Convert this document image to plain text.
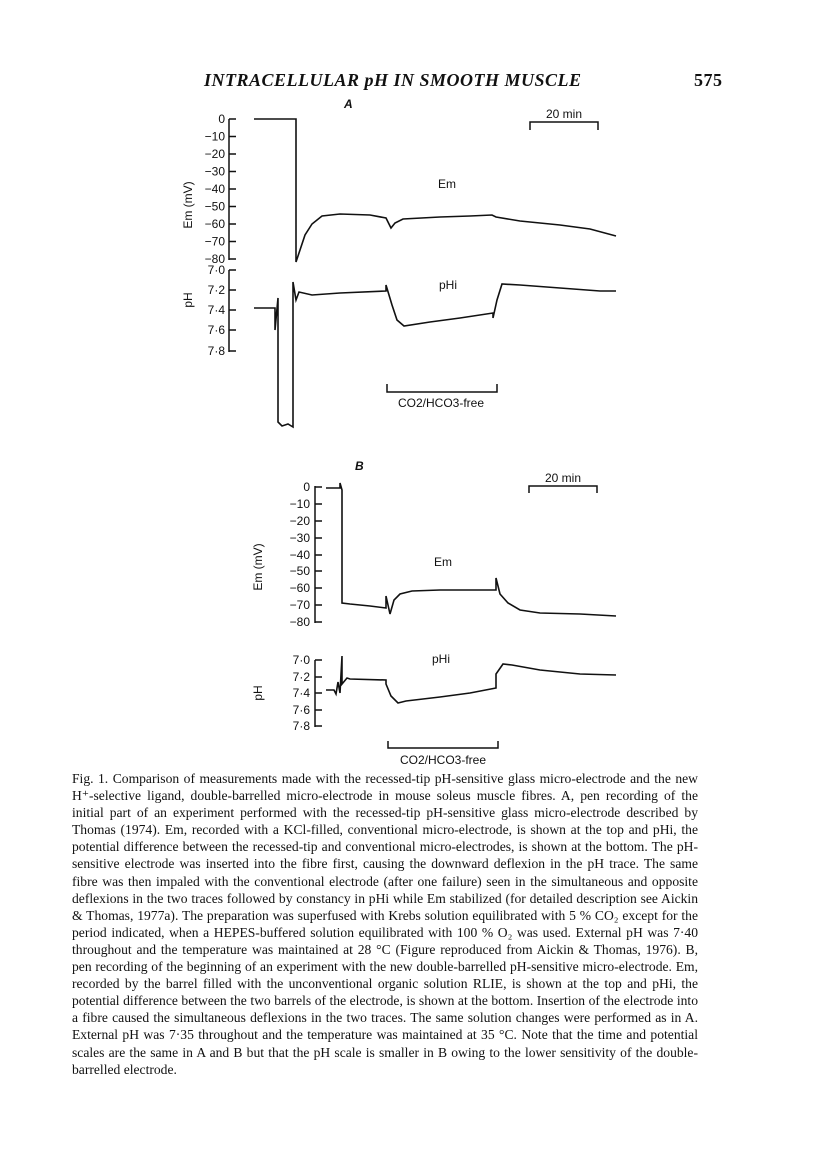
INTRACELLULAR pH IN SMOOTH MUSCLE	575
A
20 min
0
−10
−20
−30
−40
−50
−60
−70
−80
Em (mV)
7·0
7·2
7·4
7·6
7·8
pH
Em
pHi
CO2/HCO3-free
B
20 min
0
−10
−20
−30
−40
−50
−60
−70
−80
Em (mV)
7·0
7·2
7·4
7·6
7·8
pH
Em
pHi
CO2/HCO3-free
Fig. 1. Comparison of measurements made with the recessed-tip pH-sensitive glass micro-electrode and the new H⁺-selective ligand, double-barrelled micro-electrode in mouse soleus muscle fibres. A, pen recording of the initial part of an experiment performed with the recessed-tip pH-sensitive glass micro-electrode described by Thomas (1974). Em, recorded with a KCl-filled, conventional micro-electrode, is shown at the top and pHi, the potential difference between the recessed-tip and conventional micro-electrodes, is shown at the bottom. The pH-sensitive electrode was inserted into the fibre first, causing the downward deflexion in the pH trace. The same fibre was then impaled with the conventional electrode (after one failure) seen in the simultaneous and opposite deflexions in the two traces followed by constancy in pHi while Em stabilized (for detailed description see Aickin & Thomas, 1977a). The preparation was superfused with Krebs solution equilibrated with 5 % CO₂ except for the period indicated, when a HEPES-buffered solution equilibrated with 100 % O₂ was used. External pH was 7·40 throughout and the temperature was maintained at 28 °C (Figure reproduced from Aickin & Thomas, 1976). B, pen recording of the beginning of an experiment with the new double-barrelled pH-sensitive micro-electrode. Em, recorded by the barrel filled with the unconventional organic solution RLIE, is shown at the top and pHi, the potential difference between the two barrels of the electrode, is shown at the bottom. Insertion of the electrode into a fibre caused the simultaneous deflexions in the two traces. The same solution changes were performed as in A. External pH was 7·35 throughout and the temperature was maintained at 35 °C. Note that the time and potential scales are the same in A and B but that the pH scale is smaller in B owing to the lower sensitivity of the double-barrelled electrode.
